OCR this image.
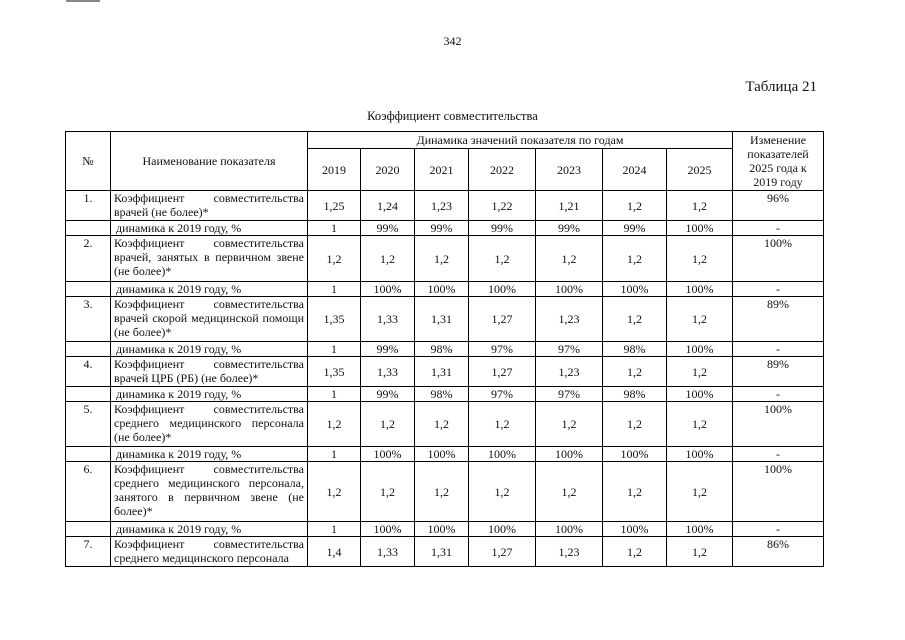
342
Таблица 21
Коэффициент совместительства
№	Наименование показателя	Динамика значений показателя по годам							Изменение показателей 2025 года к 2019 году
		2019	2020	2021	2022	2023	2024	2025	
1.	Коэффициент совместительства врачей (не более)*	1,25	1,24	1,23	1,22	1,21	1,2	1,2	96%
	динамика к 2019 году, %	1	99%	99%	99%	99%	99%	100%	-
2.	Коэффициент совместительства врачей, занятых в первичном звене (не более)*	1,2	1,2	1,2	1,2	1,2	1,2	1,2	100%
	динамика к 2019 году, %	1	100%	100%	100%	100%	100%	100%	-
3.	Коэффициент совместительства врачей скорой медицинской помощи (не более)*	1,35	1,33	1,31	1,27	1,23	1,2	1,2	89%
	динамика к 2019 году, %	1	99%	98%	97%	97%	98%	100%	-
4.	Коэффициент совместительства врачей ЦРБ (РБ) (не более)*	1,35	1,33	1,31	1,27	1,23	1,2	1,2	89%
	динамика к 2019 году, %	1	99%	98%	97%	97%	98%	100%	-
5.	Коэффициент совместительства среднего медицинского персонала (не более)*	1,2	1,2	1,2	1,2	1,2	1,2	1,2	100%
	динамика к 2019 году, %	1	100%	100%	100%	100%	100%	100%	-
6.	Коэффициент совместительства среднего медицинского персонала, занятого в первичном звене (не более)*	1,2	1,2	1,2	1,2	1,2	1,2	1,2	100%
	динамика к 2019 году, %	1	100%	100%	100%	100%	100%	100%	-
7.	Коэффициент совместительства среднего медицинского персонала	1,4	1,33	1,31	1,27	1,23	1,2	1,2	86%
